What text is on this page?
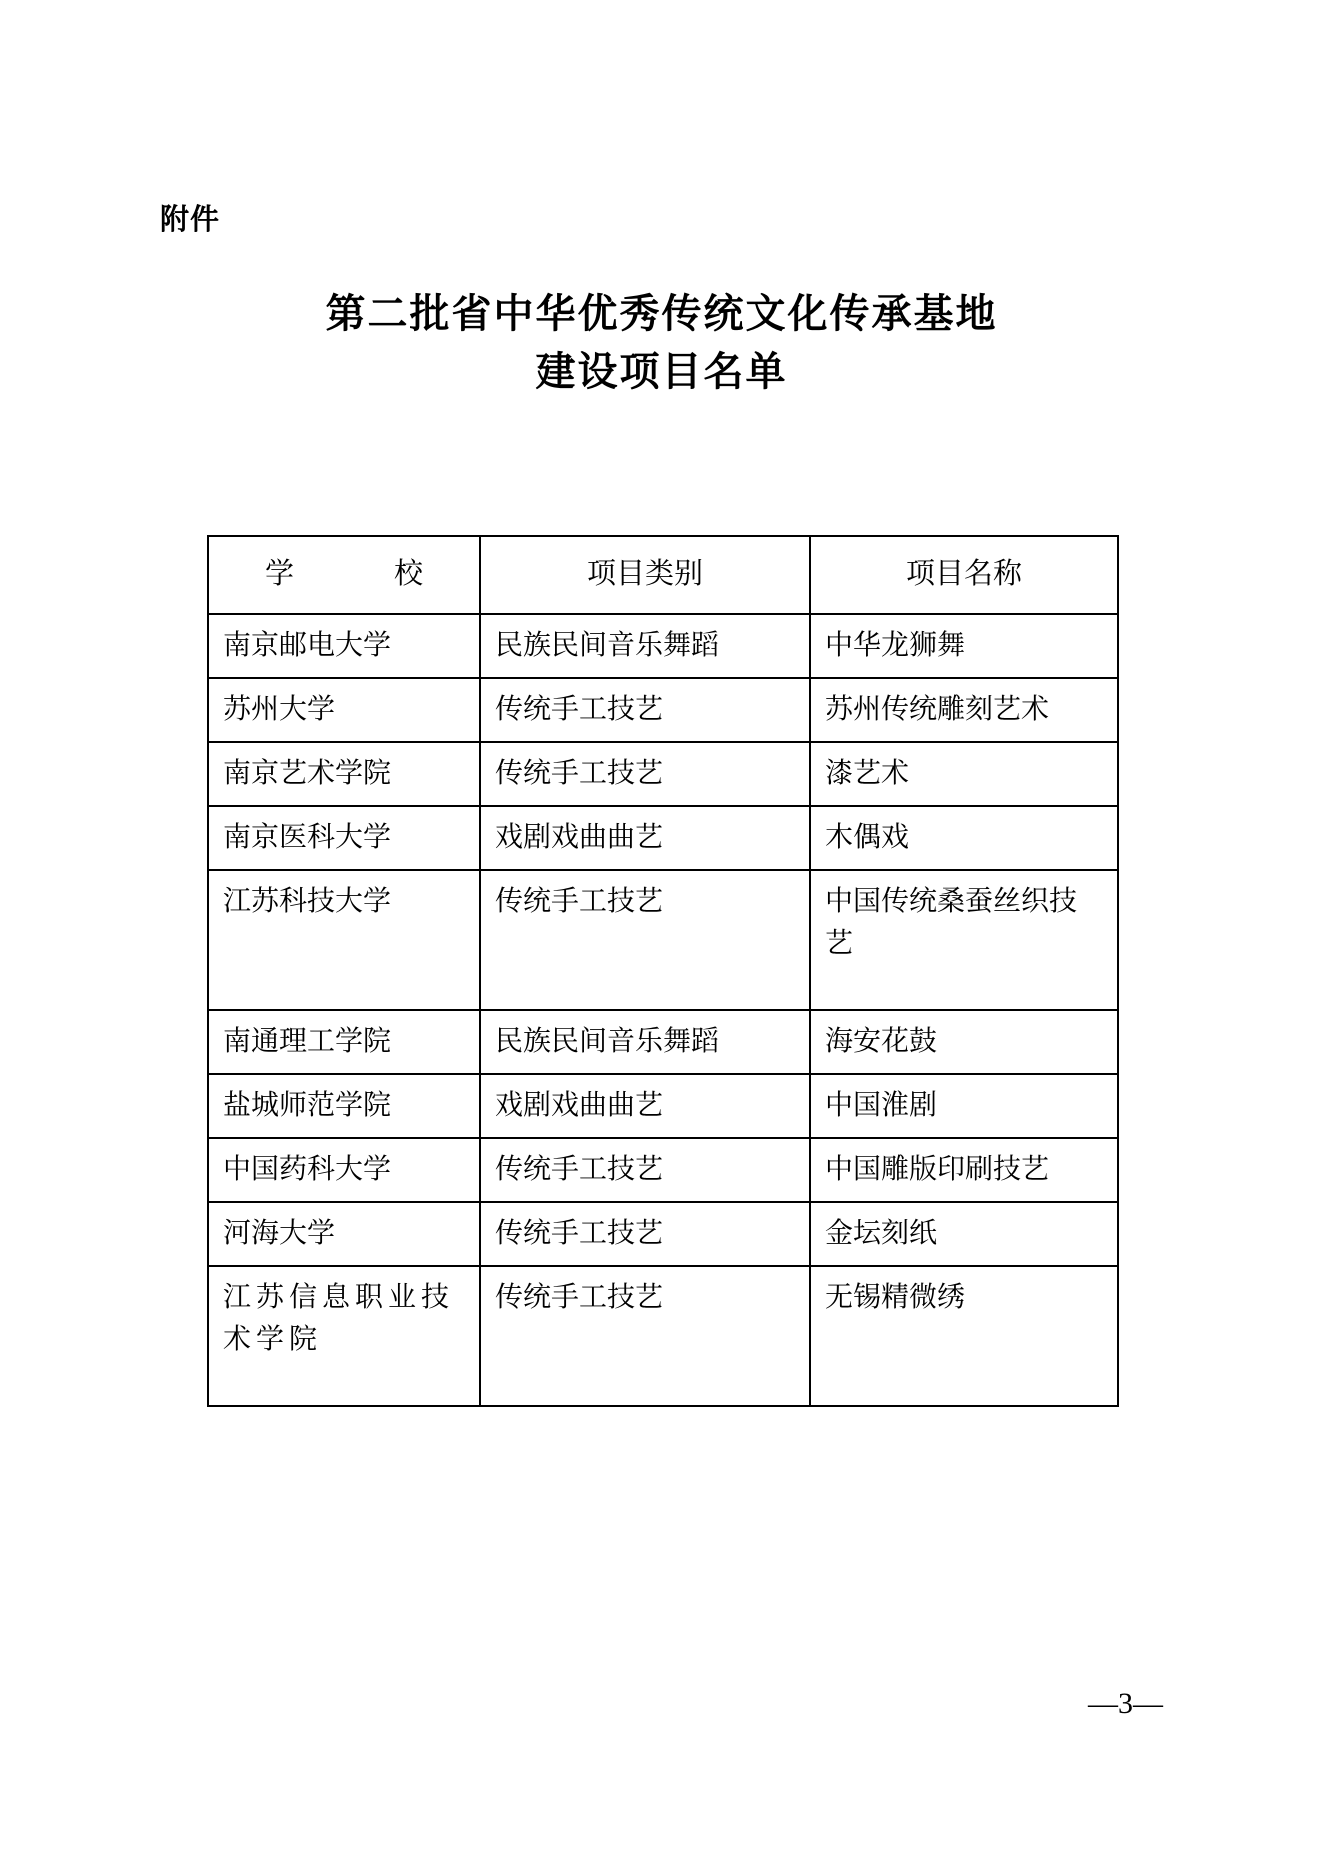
附件
第二批省中华优秀传统文化传承基地
建设项目名单
学　　校	项目类别	项目名称
南京邮电大学	民族民间音乐舞蹈	中华龙狮舞
苏州大学	传统手工技艺	苏州传统雕刻艺术
南京艺术学院	传统手工技艺	漆艺术
南京医科大学	戏剧戏曲曲艺	木偶戏
江苏科技大学	传统手工技艺	中国传统桑蚕丝织技艺
南通理工学院	民族民间音乐舞蹈	海安花鼓
盐城师范学院	戏剧戏曲曲艺	中国淮剧
中国药科大学	传统手工技艺	中国雕版印刷技艺
河海大学	传统手工技艺	金坛刻纸
江苏信息职业技术学院	传统手工技艺	无锡精微绣
—3—
